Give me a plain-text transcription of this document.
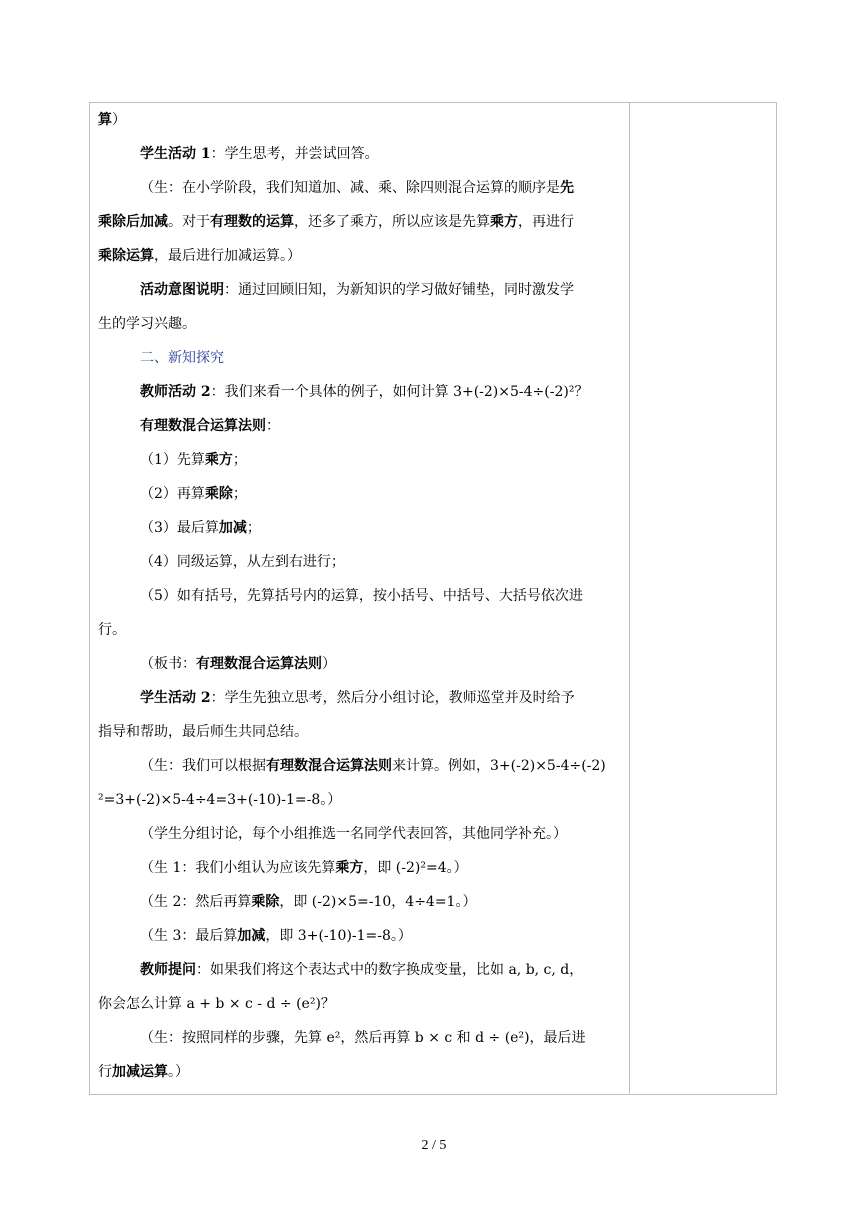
算）

学生活动 1：学生思考，并尝试回答。

（生：在小学阶段，我们知道加、减、乘、除四则混合运算的顺序是先

乘除后加减。对于有理数的运算，还多了乘方，所以应该是先算乘方，再进行

乘除运算，最后进行加减运算。）

活动意图说明：通过回顾旧知，为新知识的学习做好铺垫，同时激发学

生的学习兴趣。

二、新知探究

教师活动 2：我们来看一个具体的例子，如何计算 3+(-2)×5-4÷(-2)²？

有理数混合运算法则：

（1）先算乘方；

（2）再算乘除；

（3）最后算加减；

（4）同级运算，从左到右进行；

（5）如有括号，先算括号内的运算，按小括号、中括号、大括号依次进

行。

（板书：有理数混合运算法则）

学生活动 2：学生先独立思考，然后分小组讨论，教师巡堂并及时给予

指导和帮助，最后师生共同总结。

（生：我们可以根据有理数混合运算法则来计算。例如，3+(-2)×5-4÷(-2)

²=3+(-2)×5-4÷4=3+(-10)-1=-8。）

（学生分组讨论，每个小组推选一名同学代表回答，其他同学补充。）

（生 1：我们小组认为应该先算乘方，即 (-2)²=4。）

（生 2：然后再算乘除，即 (-2)×5=-10，4÷4=1。）

（生 3：最后算加减，即 3+(-10)-1=-8。）

教师提问：如果我们将这个表达式中的数字换成变量，比如 a, b, c, d，

你会怎么计算 a + b × c - d ÷ (e²)？

（生：按照同样的步骤，先算 e²，然后再算 b × c 和 d ÷ (e²)，最后进

行加减运算。）

2 / 5
